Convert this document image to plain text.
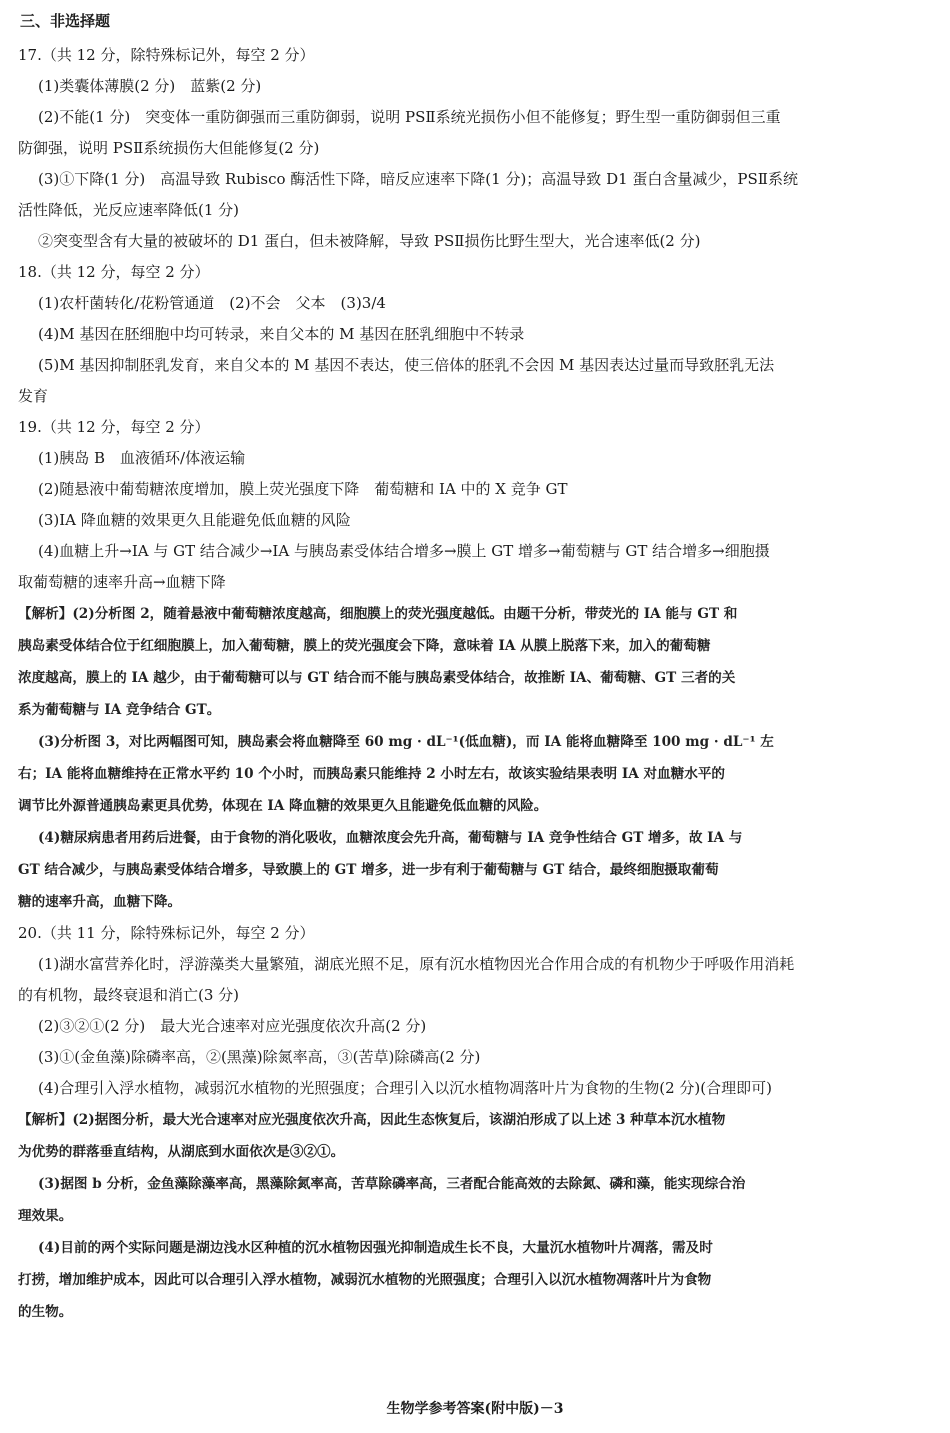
三、非选择题
17.（共 12 分，除特殊标记外，每空 2 分）
(1)类囊体薄膜(2 分)　蓝紫(2 分)
(2)不能(1 分)　突变体一重防御强而三重防御弱，说明 PSⅡ系统光损伤小但不能修复；野生型一重防御弱但三重
防御强，说明 PSⅡ系统损伤大但能修复(2 分)
(3)①下降(1 分)　高温导致 Rubisco 酶活性下降，暗反应速率下降(1 分)；高温导致 D1 蛋白含量减少，PSⅡ系统
活性降低，光反应速率降低(1 分)
②突变型含有大量的被破坏的 D1 蛋白，但未被降解，导致 PSⅡ损伤比野生型大，光合速率低(2 分)
18.（共 12 分，每空 2 分）
(1)农杆菌转化/花粉管通道　(2)不会　父本　(3)3/4
(4)M 基因在胚细胞中均可转录，来自父本的 M 基因在胚乳细胞中不转录
(5)M 基因抑制胚乳发育，来自父本的 M 基因不表达，使三倍体的胚乳不会因 M 基因表达过量而导致胚乳无法
发育
19.（共 12 分，每空 2 分）
(1)胰岛 B　血液循环/体液运输
(2)随悬液中葡萄糖浓度增加，膜上荧光强度下降　葡萄糖和 IA 中的 X 竞争 GT
(3)IA 降血糖的效果更久且能避免低血糖的风险
(4)血糖上升→IA 与 GT 结合减少→IA 与胰岛素受体结合增多→膜上 GT 增多→葡萄糖与 GT 结合增多→细胞摄
取葡萄糖的速率升高→血糖下降
【解析】(2)分析图 2，随着悬液中葡萄糖浓度越高，细胞膜上的荧光强度越低。由题干分析，带荧光的 IA 能与 GT 和
胰岛素受体结合位于红细胞膜上，加入葡萄糖，膜上的荧光强度会下降，意味着 IA 从膜上脱落下来，加入的葡萄糖
浓度越高，膜上的 IA 越少，由于葡萄糖可以与 GT 结合而不能与胰岛素受体结合，故推断 IA、葡萄糖、GT 三者的关
系为葡萄糖与 IA 竞争结合 GT。
(3)分析图 3，对比两幅图可知，胰岛素会将血糖降至 60 mg · dL⁻¹(低血糖)，而 IA 能将血糖降至 100 mg · dL⁻¹ 左
右；IA 能将血糖维持在正常水平约 10 个小时，而胰岛素只能维持 2 小时左右，故该实验结果表明 IA 对血糖水平的
调节比外源普通胰岛素更具优势，体现在 IA 降血糖的效果更久且能避免低血糖的风险。
(4)糖尿病患者用药后进餐，由于食物的消化吸收，血糖浓度会先升高，葡萄糖与 IA 竞争性结合 GT 增多，故 IA 与
GT 结合减少，与胰岛素受体结合增多，导致膜上的 GT 增多，进一步有利于葡萄糖与 GT 结合，最终细胞摄取葡萄
糖的速率升高，血糖下降。
20.（共 11 分，除特殊标记外，每空 2 分）
(1)湖水富营养化时，浮游藻类大量繁殖，湖底光照不足，原有沉水植物因光合作用合成的有机物少于呼吸作用消耗
的有机物，最终衰退和消亡(3 分)
(2)③②①(2 分)　最大光合速率对应光强度依次升高(2 分)
(3)①(金鱼藻)除磷率高，②(黑藻)除氮率高，③(苦草)除磷高(2 分)
(4)合理引入浮水植物，减弱沉水植物的光照强度；合理引入以沉水植物凋落叶片为食物的生物(2 分)(合理即可)
【解析】(2)据图分析，最大光合速率对应光强度依次升高，因此生态恢复后，该湖泊形成了以上述 3 种草本沉水植物
为优势的群落垂直结构，从湖底到水面依次是③②①。
(3)据图 b 分析，金鱼藻除藻率高，黑藻除氮率高，苦草除磷率高，三者配合能高效的去除氮、磷和藻，能实现综合治
理效果。
(4)目前的两个实际问题是湖边浅水区种植的沉水植物因强光抑制造成生长不良，大量沉水植物叶片凋落，需及时
打捞，增加维护成本，因此可以合理引入浮水植物，减弱沉水植物的光照强度；合理引入以沉水植物凋落叶片为食物
的生物。
生物学参考答案(附中版)－3
